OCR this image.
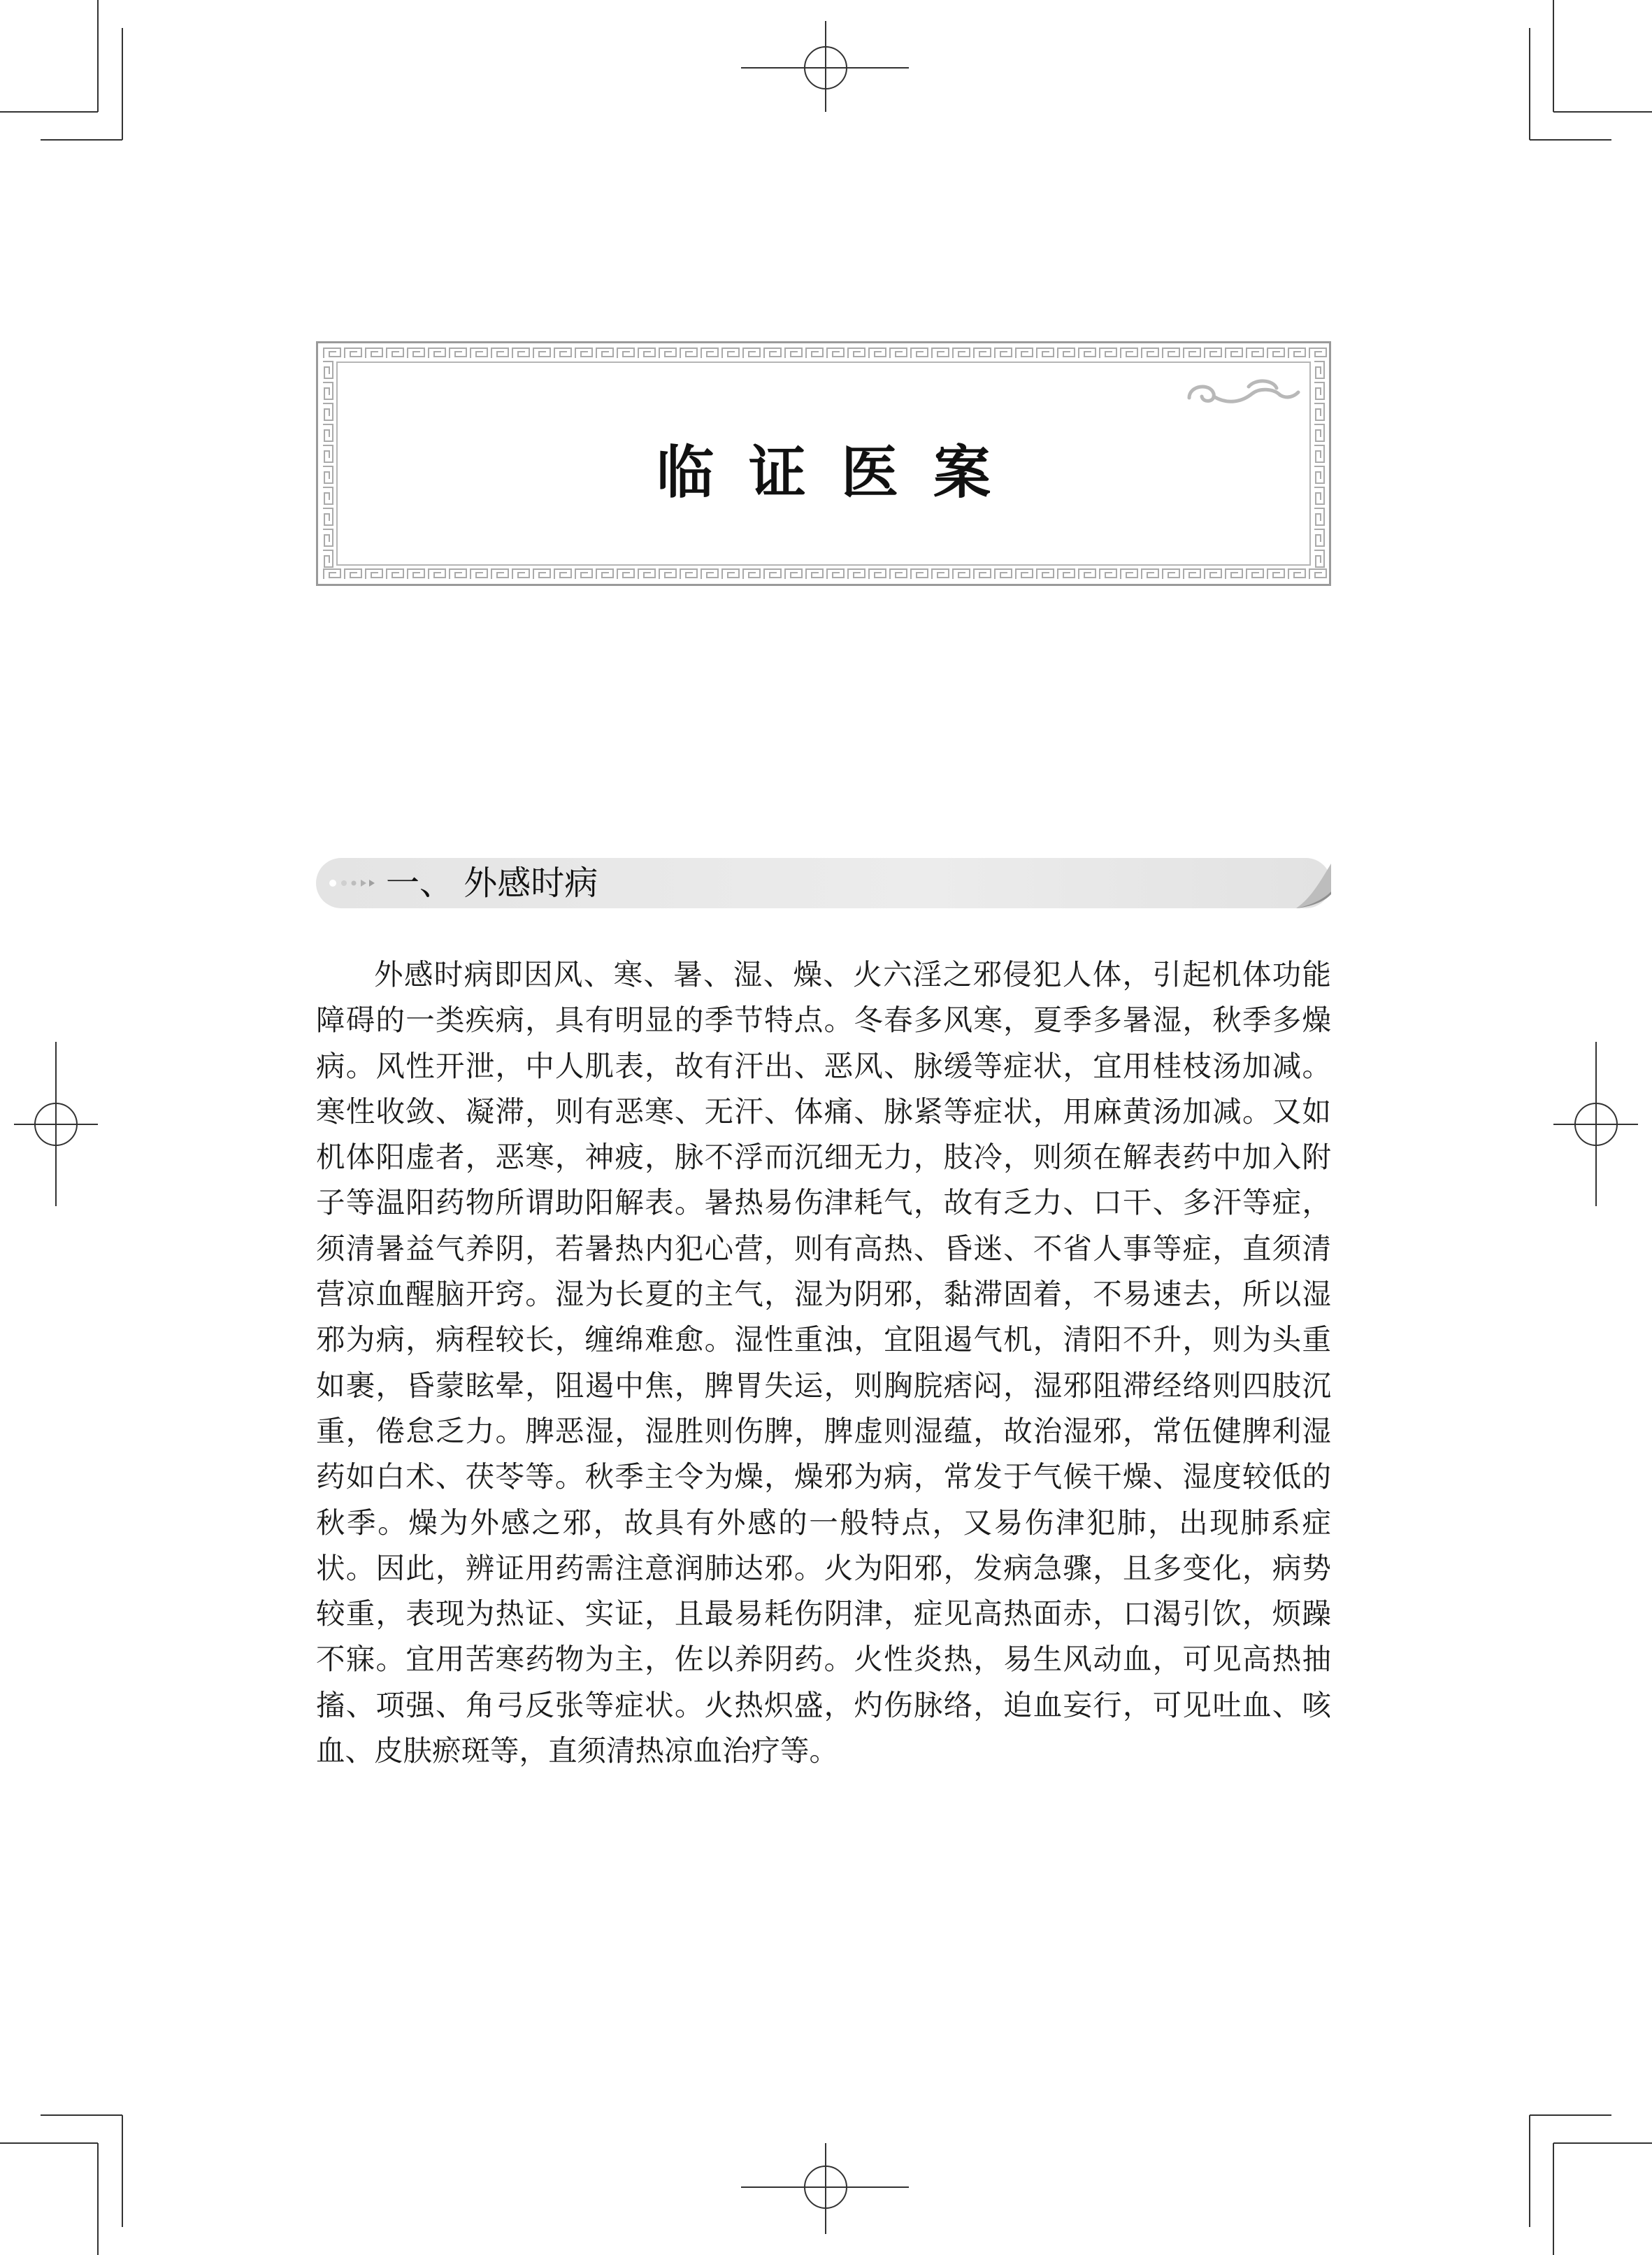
临证医案
一、 外感时病

外感时病即因风、寒、暑、湿、燥、火六淫之邪侵犯人体，引起机体功能障碍的一类疾病，具有明显的季节特点。冬春多风寒，夏季多暑湿，秋季多燥病。风性开泄，中人肌表，故有汗出、恶风、脉缓等症状，宜用桂枝汤加减。寒性收敛、凝滞，则有恶寒、无汗、体痛、脉紧等症状，用麻黄汤加减。又如机体阳虚者，恶寒，神疲，脉不浮而沉细无力，肢冷，则须在解表药中加入附子等温阳药物所谓助阳解表。暑热易伤津耗气，故有乏力、口干、多汗等症，须清暑益气养阴，若暑热内犯心营，则有高热、昏迷、不省人事等症，直须清营凉血醒脑开窍。湿为长夏的主气，湿为阴邪，黏滞固着，不易速去，所以湿邪为病，病程较长，缠绵难愈。湿性重浊，宜阻遏气机，清阳不升，则为头重如裹，昏蒙眩晕，阻遏中焦，脾胃失运，则胸脘痞闷，湿邪阻滞经络则四肢沉重，倦怠乏力。脾恶湿，湿胜则伤脾，脾虚则湿蕴，故治湿邪，常伍健脾利湿药如白术、茯苓等。秋季主令为燥，燥邪为病，常发于气候干燥、湿度较低的秋季。燥为外感之邪，故具有外感的一般特点，又易伤津犯肺，出现肺系症状。因此，辨证用药需注意润肺达邪。火为阳邪，发病急骤，且多变化，病势较重，表现为热证、实证，且最易耗伤阴津，症见高热面赤，口渴引饮，烦躁不寐。宜用苦寒药物为主，佐以养阴药。火性炎热，易生风动血，可见高热抽搐、项强、角弓反张等症状。火热炽盛，灼伤脉络，迫血妄行，可见吐血、咳血、皮肤瘀斑等，直须清热凉血治疗等。
